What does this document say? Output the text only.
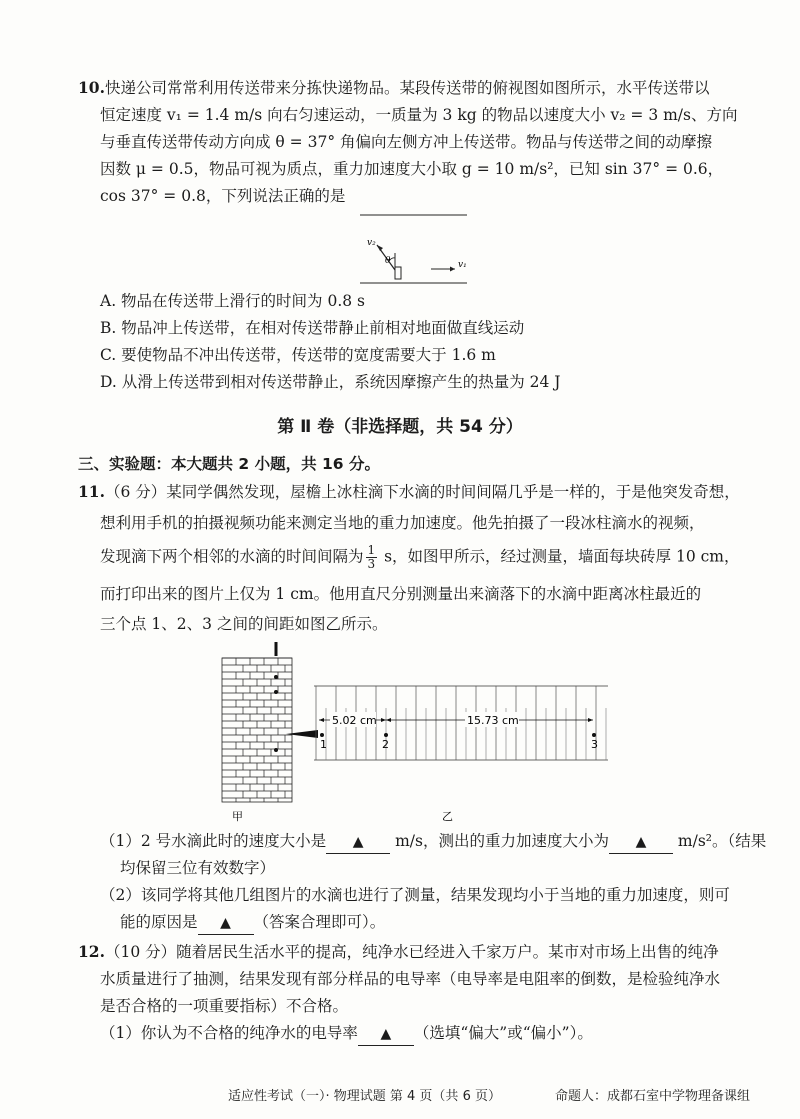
10.快递公司常常利用传送带来分拣快递物品。某段传送带的俯视图如图所示，水平传送带以
恒定速度 v₁ = 1.4 m/s 向右匀速运动，一质量为 3 kg 的物品以速度大小 v₂ = 3 m/s、方向
与垂直传送带传动方向成 θ = 37° 角偏向左侧方冲上传送带。物品与传送带之间的动摩擦
因数 μ = 0.5，物品可视为质点，重力加速度大小取 g = 10 m/s²，已知 sin 37° = 0.6，
cos 37° = 0.8，下列说法正确的是
v₂
θ	v₁
A. 物品在传送带上滑行的时间为 0.8 s
B. 物品冲上传送带，在相对传送带静止前相对地面做直线运动
C. 要使物品不冲出传送带，传送带的宽度需要大于 1.6 m
D. 从滑上传送带到相对传送带静止，系统因摩擦产生的热量为 24 J
第 Ⅱ 卷（非选择题，共 54 分）
三、实验题：本大题共 2 小题，共 16 分。
11.（6 分）某同学偶然发现，屋檐上冰柱滴下水滴的时间间隔几乎是一样的，于是他突发奇想，
想利用手机的拍摄视频功能来测定当地的重力加速度。他先拍摄了一段冰柱滴水的视频，
发现滴下两个相邻的水滴的时间间隔为 $\frac{1}{3}$ s，如图甲所示，经过测量，墙面每块砖厚 10 cm，
而打印出来的图片上仅为 1 cm。他用直尺分别测量出来滴落下的水滴中距离冰柱最近的
三个点 1、2、3 之间的间距如图乙所示。
甲
5.02 cm	15.73 cm
1	2	3
乙
（1）2 号水滴此时的速度大小是 ▲ m/s，测出的重力加速度大小为 ▲ m/s²。（结果
均保留三位有效数字）
（2）该同学将其他几组图片的水滴也进行了测量，结果发现均小于当地的重力加速度，则可
能的原因是 ▲ （答案合理即可）。
12.（10 分）随着居民生活水平的提高，纯净水已经进入千家万户。某市对市场上出售的纯净
水质量进行了抽测，结果发现有部分样品的电导率（电导率是电阻率的倒数，是检验纯净水
是否合格的一项重要指标）不合格。
（1）你认为不合格的纯净水的电导率 ▲ （选填“偏大”或“偏小”）。
适应性考试（一）· 物理试题 第 4 页（共 6 页）	命题人：成都石室中学物理备课组
